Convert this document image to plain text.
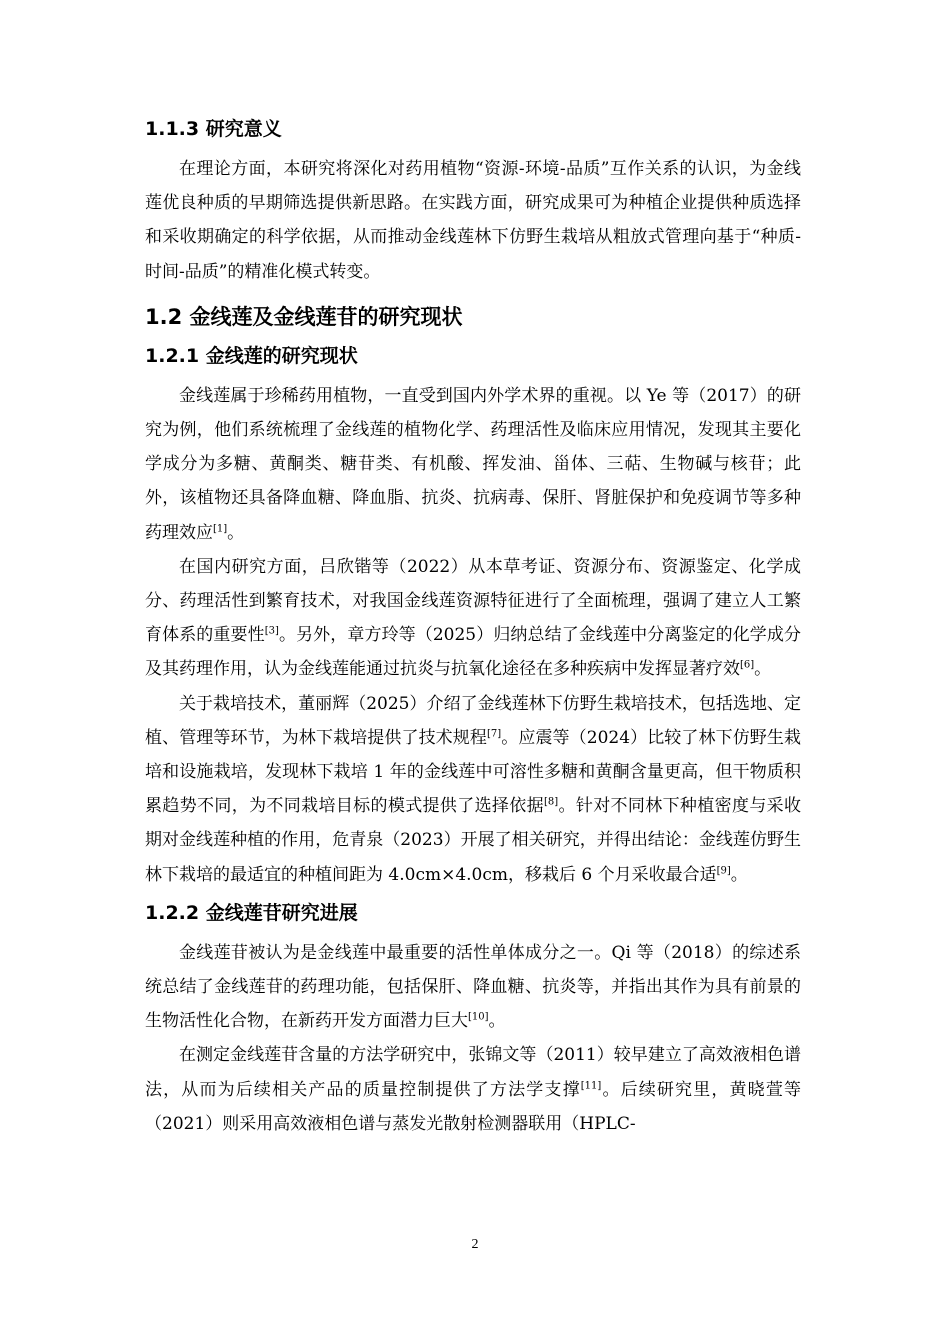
1.1.3 研究意义

在理论方面，本研究将深化对药用植物“资源-环境-品质”互作关系的认识，为金线莲优良种质的早期筛选提供新思路。在实践方面，研究成果可为种植企业提供种质选择和采收期确定的科学依据，从而推动金线莲林下仿野生栽培从粗放式管理向基于“种质-时间-品质”的精准化模式转变。

1.2 金线莲及金线莲苷的研究现状
1.2.1 金线莲的研究现状

金线莲属于珍稀药用植物，一直受到国内外学术界的重视。以 Ye 等（2017）的研究为例，他们系统梳理了金线莲的植物化学、药理活性及临床应用情况，发现其主要化学成分为多糖、黄酮类、糖苷类、有机酸、挥发油、甾体、三萜、生物碱与核苷；此外，该植物还具备降血糖、降血脂、抗炎、抗病毒、保肝、肾脏保护和免疫调节等多种药理效应[1]。

在国内研究方面，吕欣锴等（2022）从本草考证、资源分布、资源鉴定、化学成分、药理活性到繁育技术，对我国金线莲资源特征进行了全面梳理，强调了建立人工繁育体系的重要性[3]。另外，章方玲等（2025）归纳总结了金线莲中分离鉴定的化学成分及其药理作用，认为金线莲能通过抗炎与抗氧化途径在多种疾病中发挥显著疗效[6]。

关于栽培技术，董丽辉（2025）介绍了金线莲林下仿野生栽培技术，包括选地、定植、管理等环节，为林下栽培提供了技术规程[7]。应震等（2024）比较了林下仿野生栽培和设施栽培，发现林下栽培 1 年的金线莲中可溶性多糖和黄酮含量更高，但干物质积累趋势不同，为不同栽培目标的模式提供了选择依据[8]。针对不同林下种植密度与采收期对金线莲种植的作用，危青泉（2023）开展了相关研究，并得出结论：金线莲仿野生林下栽培的最适宜的种植间距为 4.0cm×4.0cm，移栽后 6 个月采收最合适[9]。

1.2.2 金线莲苷研究进展

金线莲苷被认为是金线莲中最重要的活性单体成分之一。Qi 等（2018）的综述系统总结了金线莲苷的药理功能，包括保肝、降血糖、抗炎等，并指出其作为具有前景的生物活性化合物，在新药开发方面潜力巨大[10]。

在测定金线莲苷含量的方法学研究中，张锦文等（2011）较早建立了高效液相色谱法，从而为后续相关产品的质量控制提供了方法学支撑[11]。后续研究里，黄晓萱等（2021）则采用高效液相色谱与蒸发光散射检测器联用（HPLC-

2
